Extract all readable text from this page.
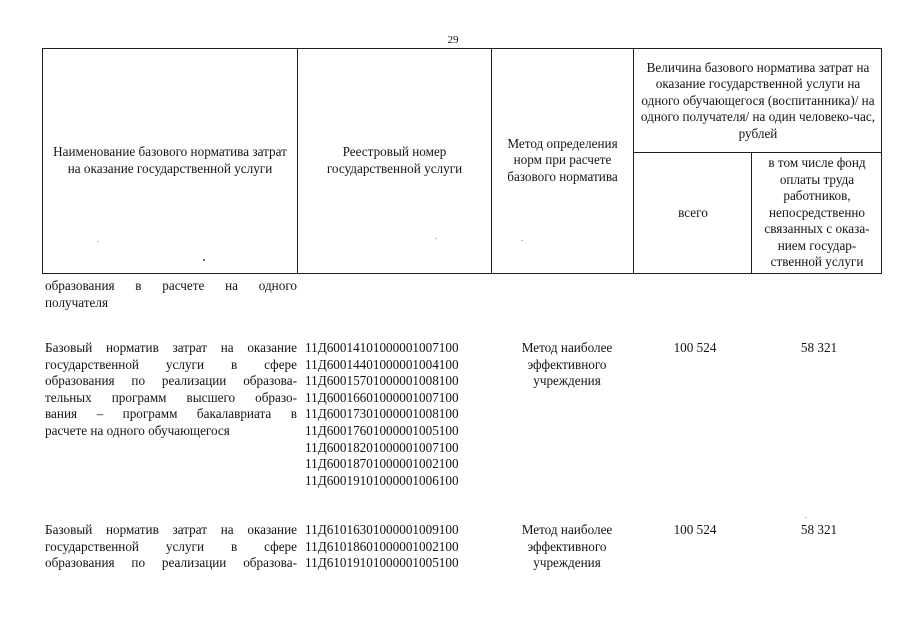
29
Наименование базового норматива затрат на оказание государственной услуги
Реестровый номер государственной услуги
Метод определения норм при расчете базового норматива
Величина базового норматива затрат на оказание государственной услуги на одного обучающегося (воспитанника)/ на одного получателя/ на один человеко-час, рублей
всего
в том числе фонд оплаты труда работников, непосредственно связанных с оказа-нием государ-ственной услуги
образования в расчете на одного
получателя
Базовый норматив затрат на оказание
государственной услуги в сфере
образования по реализации образова-
тельных программ высшего образо-
вания – программ бакалавриата в
расчете на одного обучающегося
11Д60014101000001007100
11Д60014401000001004100
11Д60015701000001008100
11Д60016601000001007100
11Д60017301000001008100
11Д60017601000001005100
11Д60018201000001007100
11Д60018701000001002100
11Д60019101000001006100
Метод наиболее
эффективного
учреждения
100 524	58 321
Базовый норматив затрат на оказание
государственной услуги в сфере
образования по реализации образова-
11Д61016301000001009100
11Д61018601000001002100
11Д61019101000001005100
Метод наиболее
эффективного
учреждения
100 524	58 321
